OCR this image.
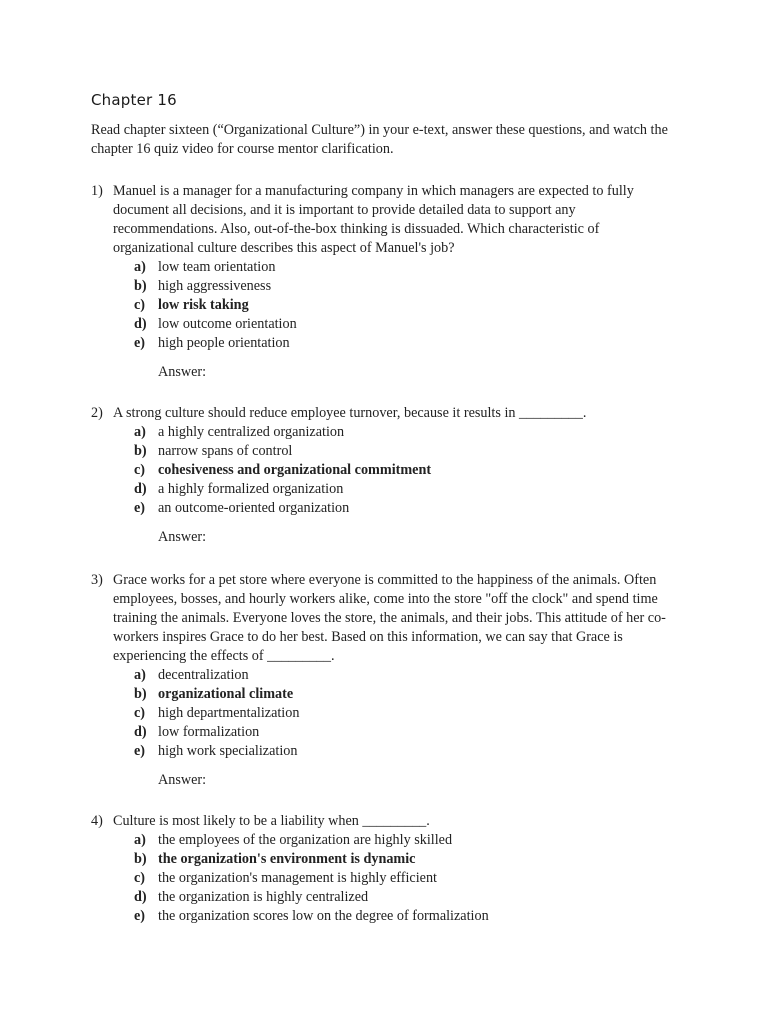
Chapter 16

Read chapter sixteen (“Organizational Culture”) in your e-text, answer these questions, and watch the chapter 16 quiz video for course mentor clarification.

1) Manuel is a manager for a manufacturing company in which managers are expected to fully document all decisions, and it is important to provide detailed data to support any recommendations. Also, out-of-the-box thinking is dissuaded. Which characteristic of organizational culture describes this aspect of Manuel's job?
a) low team orientation
b) high aggressiveness
c) low risk taking
d) low outcome orientation
e) high people orientation
Answer:
2) A strong culture should reduce employee turnover, because it results in _________.
a) a highly centralized organization
b) narrow spans of control
c) cohesiveness and organizational commitment
d) a highly formalized organization
e) an outcome-oriented organization
Answer:
3) Grace works for a pet store where everyone is committed to the happiness of the animals. Often employees, bosses, and hourly workers alike, come into the store "off the clock" and spend time training the animals. Everyone loves the store, the animals, and their jobs. This attitude of her co-workers inspires Grace to do her best. Based on this information, we can say that Grace is experiencing the effects of _________.
a) decentralization
b) organizational climate
c) high departmentalization
d) low formalization
e) high work specialization
Answer:
4) Culture is most likely to be a liability when _________.
a) the employees of the organization are highly skilled
b) the organization's environment is dynamic
c) the organization's management is highly efficient
d) the organization is highly centralized
e) the organization scores low on the degree of formalization
